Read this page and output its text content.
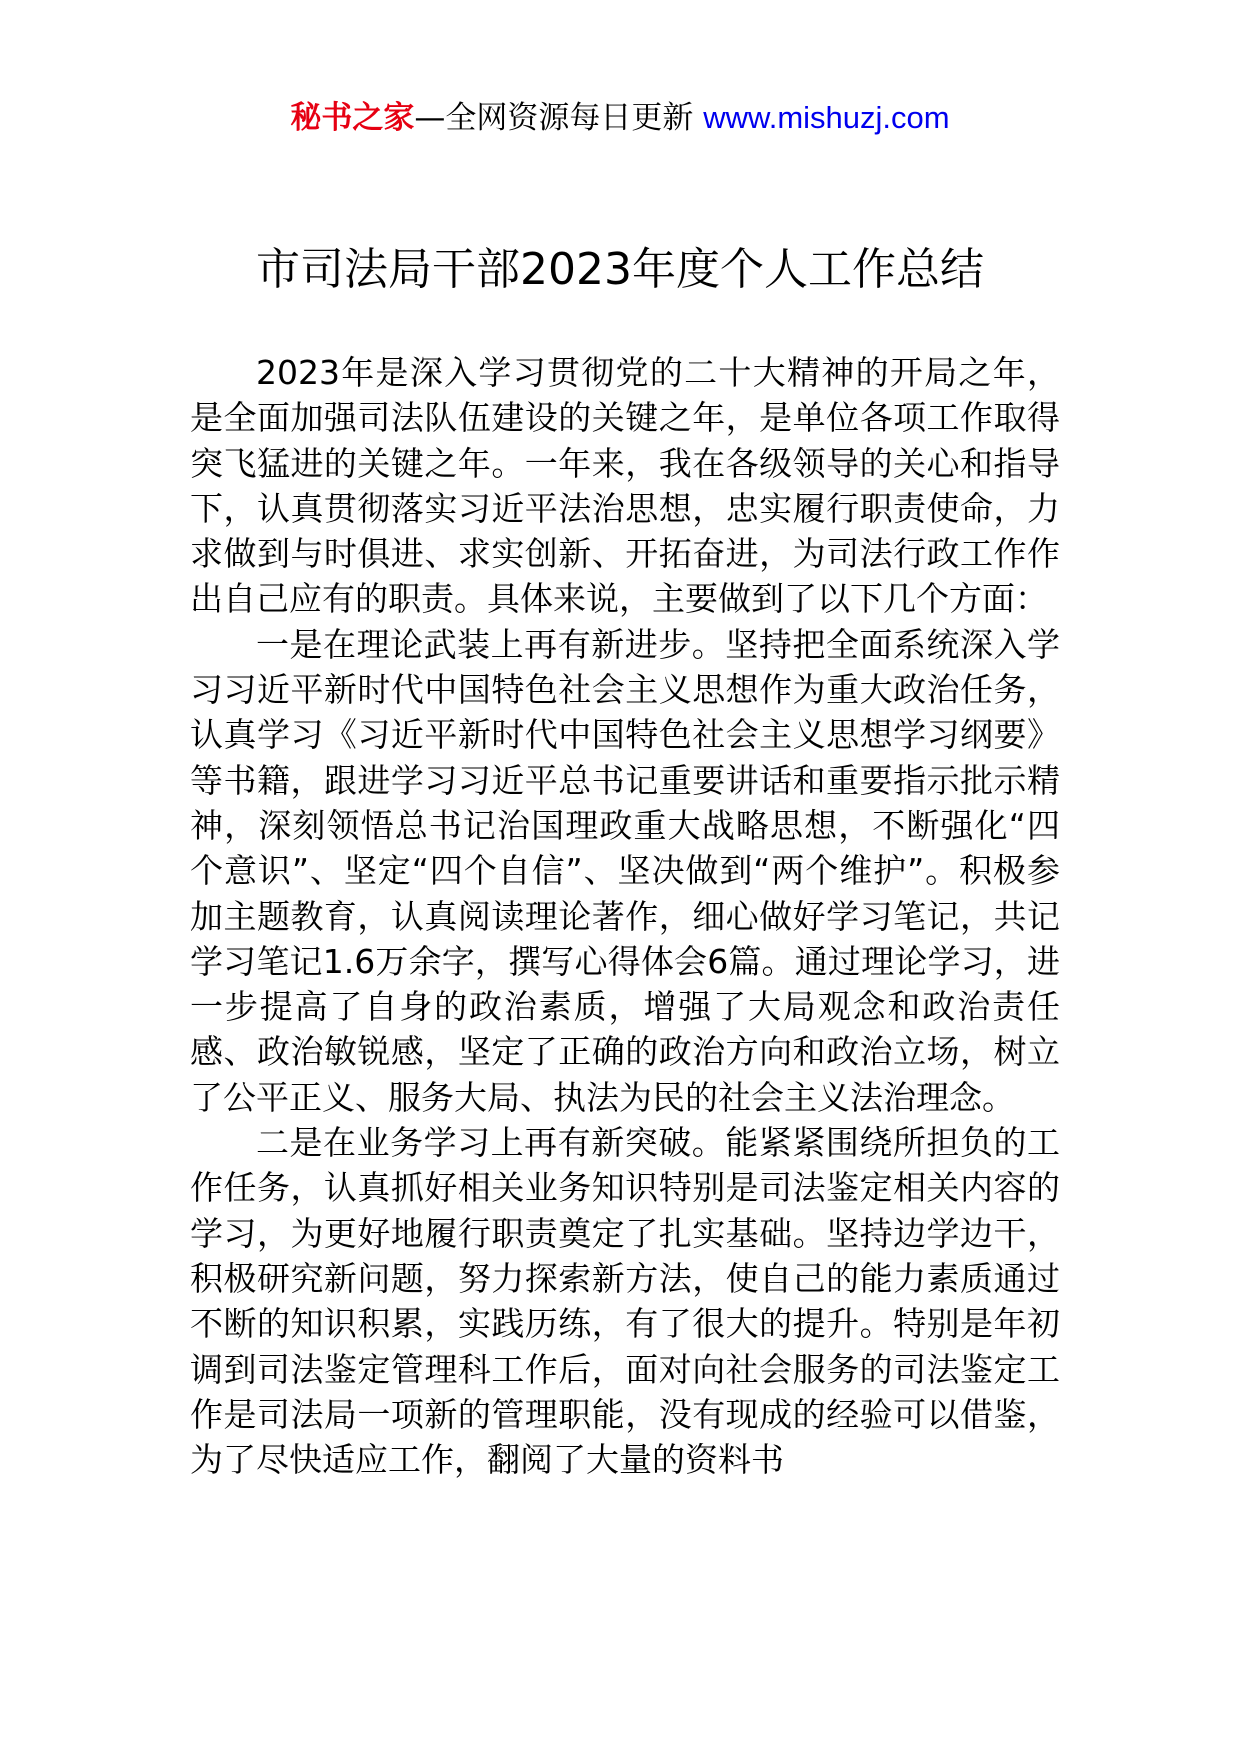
秘书之家—全网资源每日更新 www.mishuzj.com
市司法局干部2023年度个人工作总结

2023年是深入学习贯彻党的二十大精神的开局之年，是全面加强司法队伍建设的关键之年，是单位各项工作取得突飞猛进的关键之年。一年来，我在各级领导的关心和指导下，认真贯彻落实习近平法治思想，忠实履行职责使命，力求做到与时俱进、求实创新、开拓奋进，为司法行政工作作出自己应有的职责。具体来说，主要做到了以下几个方面：

一是在理论武装上再有新进步。坚持把全面系统深入学习习近平新时代中国特色社会主义思想作为重大政治任务，认真学习《习近平新时代中国特色社会主义思想学习纲要》等书籍，跟进学习习近平总书记重要讲话和重要指示批示精神，深刻领悟总书记治国理政重大战略思想，不断强化“四个意识”、坚定“四个自信”、坚决做到“两个维护”。积极参加主题教育，认真阅读理论著作，细心做好学习笔记，共记学习笔记1.6万余字，撰写心得体会6篇。通过理论学习，进一步提高了自身的政治素质，增强了大局观念和政治责任感、政治敏锐感，坚定了正确的政治方向和政治立场，树立了公平正义、服务大局、执法为民的社会主义法治理念。

二是在业务学习上再有新突破。能紧紧围绕所担负的工作任务，认真抓好相关业务知识特别是司法鉴定相关内容的学习，为更好地履行职责奠定了扎实基础。坚持边学边干，积极研究新问题，努力探索新方法，使自己的能力素质通过不断的知识积累，实践历练，有了很大的提升。特别是年初调到司法鉴定管理科工作后，面对向社会服务的司法鉴定工作是司法局一项新的管理职能，没有现成的经验可以借鉴，为了尽快适应工作，翻阅了大量的资料书
